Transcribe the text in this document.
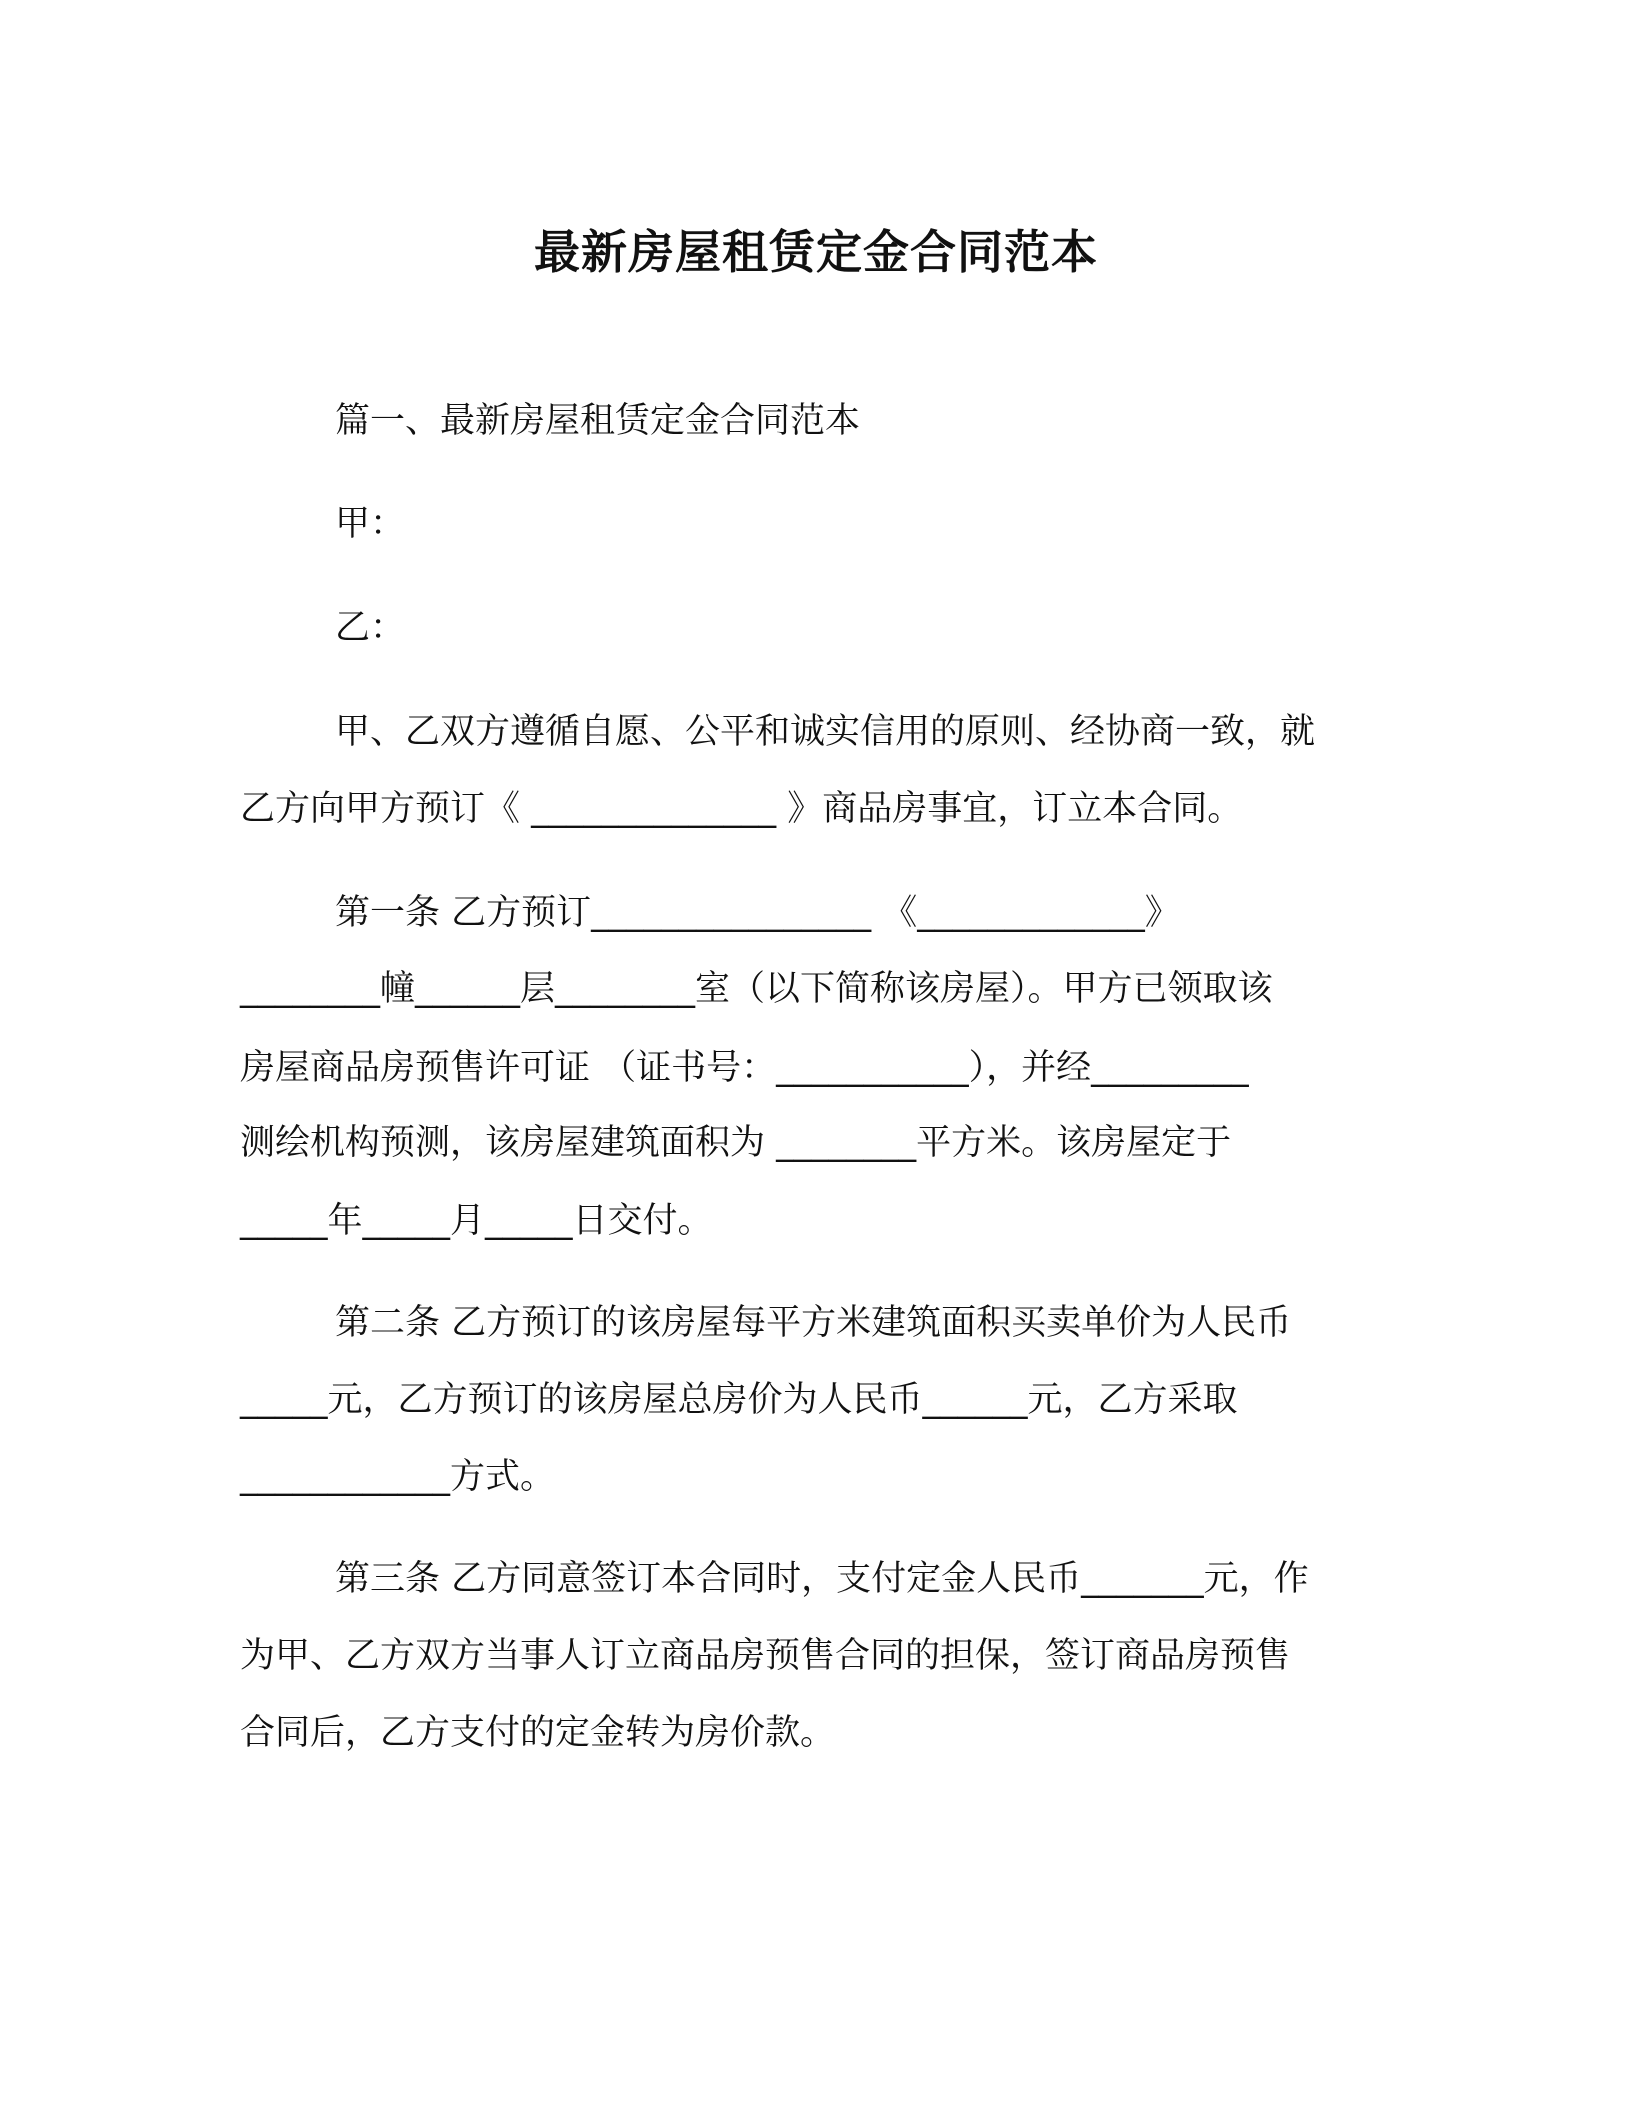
最新房屋租赁定金合同范本
篇一、最新房屋租赁定金合同范本
甲：
乙：
甲、乙双方遵循自愿、公平和诚实信用的原则、经协商一致，就
乙方向甲方预订《 ______________ 》商品房事宜，订立本合同。
第一条 乙方预订________________ 《_____________》
________幢______层________室（以下简称该房屋）。甲方已领取该
房屋商品房预售许可证 （证书号：___________），并经_________
测绘机构预测，该房屋建筑面积为 ________平方米。该房屋定于
_____年_____月_____日交付。
第二条 乙方预订的该房屋每平方米建筑面积买卖单价为人民币
_____元，乙方预订的该房屋总房价为人民币______元，乙方采取
____________方式。
第三条 乙方同意签订本合同时，支付定金人民币_______元，作
为甲、乙方双方当事人订立商品房预售合同的担保，签订商品房预售
合同后，乙方支付的定金转为房价款。
